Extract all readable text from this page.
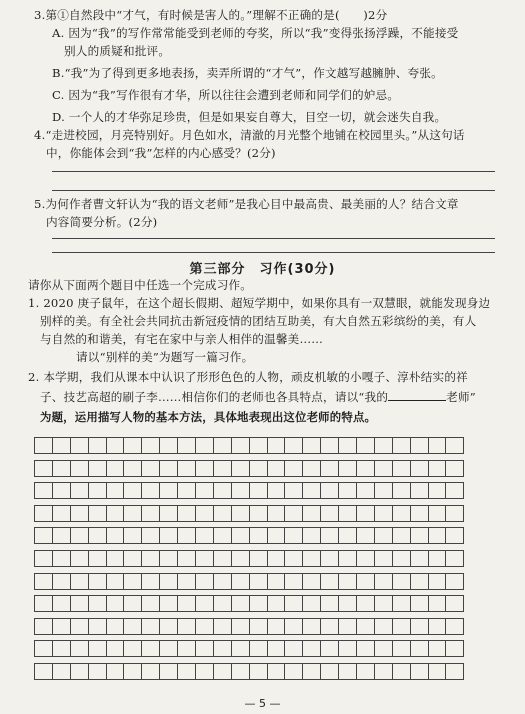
3.第①自然段中“才气，有时候是害人的。”理解不正确的是(　　)2分
A. 因为“我”的写作常常能受到老师的夸奖，所以“我”变得张扬浮躁，不能接受
别人的质疑和批评。
B.“我”为了得到更多地表扬，卖弄所谓的“才气”，作文越写越臃肿、夸张。
C. 因为“我”写作很有才华，所以往往会遭到老师和同学们的妒忌。
D. 一个人的才华弥足珍贵，但是如果妄自尊大，目空一切，就会迷失自我。
4.“走进校园，月亮特别好。月色如水，清澈的月光整个地铺在校园里头。”从这句话
中，你能体会到“我”怎样的内心感受？(2分)
5.为何作者曹文轩认为“我的语文老师”是我心目中最高贵、最美丽的人？结合文章
内容简要分析。(2分)
第三部分　习作(30分)
请你从下面两个题目中任选一个完成习作。
1. 2020 庚子鼠年，在这个超长假期、超短学期中，如果你具有一双慧眼，就能发现身边
别样的美。有全社会共同抗击新冠疫情的团结互助美，有大自然五彩缤纷的美，有人
与自然的和谐美，有宅在家中与亲人相伴的温馨美……
请以“别样的美”为题写一篇习作。
2. 本学期，我们从课本中认识了形形色色的人物，顽皮机敏的小嘎子、淳朴结实的祥
子、技艺高超的刷子李……相信你们的老师也各具特点，请以“我的	老师”
为题，运用描写人物的基本方法，具体地表现出这位老师的特点。
— 5 —
